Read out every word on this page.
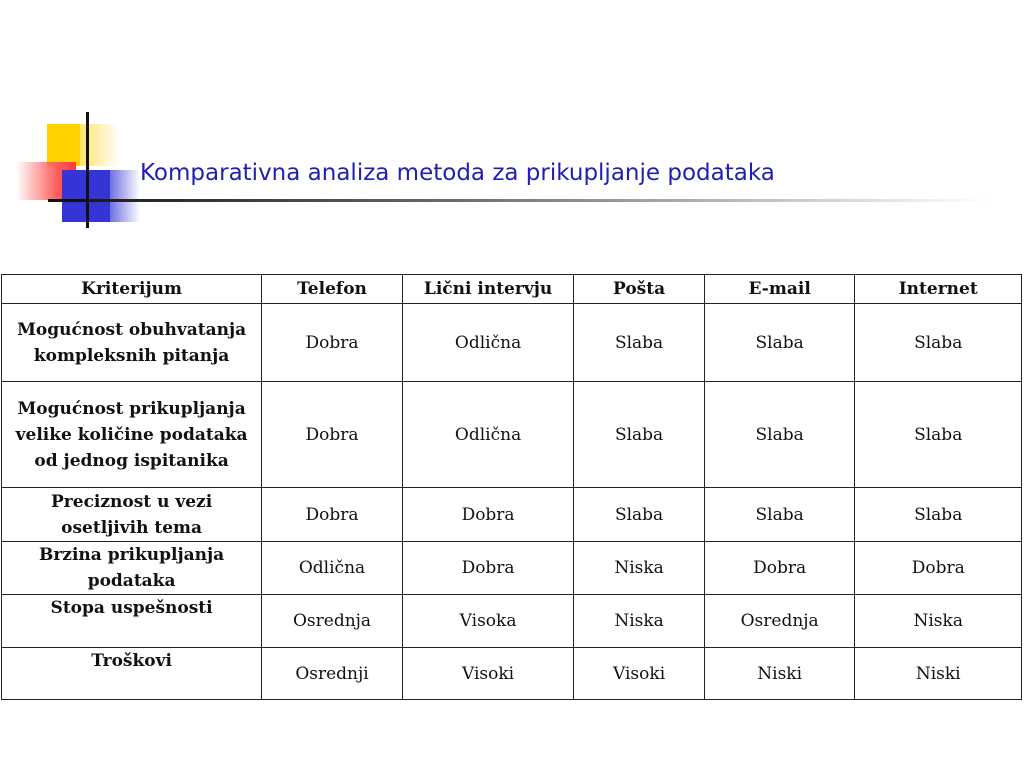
Komparativna analiza metoda za prikupljanje podataka
Kriterijum	Telefon	Lični intervju	Pošta	E-mail	Internet
Mogućnost obuhvatanja kompleksnih pitanja	Dobra	Odlična	Slaba	Slaba	Slaba
Mogućnost prikupljanja velike količine podataka od jednog ispitanika	Dobra	Odlična	Slaba	Slaba	Slaba
Preciznost u vezi osetljivih tema	Dobra	Dobra	Slaba	Slaba	Slaba
Brzina prikupljanja podataka	Odlična	Dobra	Niska	Dobra	Dobra
Stopa uspešnosti	Osrednja	Visoka	Niska	Osrednja	Niska
Troškovi	Osrednji	Visoki	Visoki	Niski	Niski
